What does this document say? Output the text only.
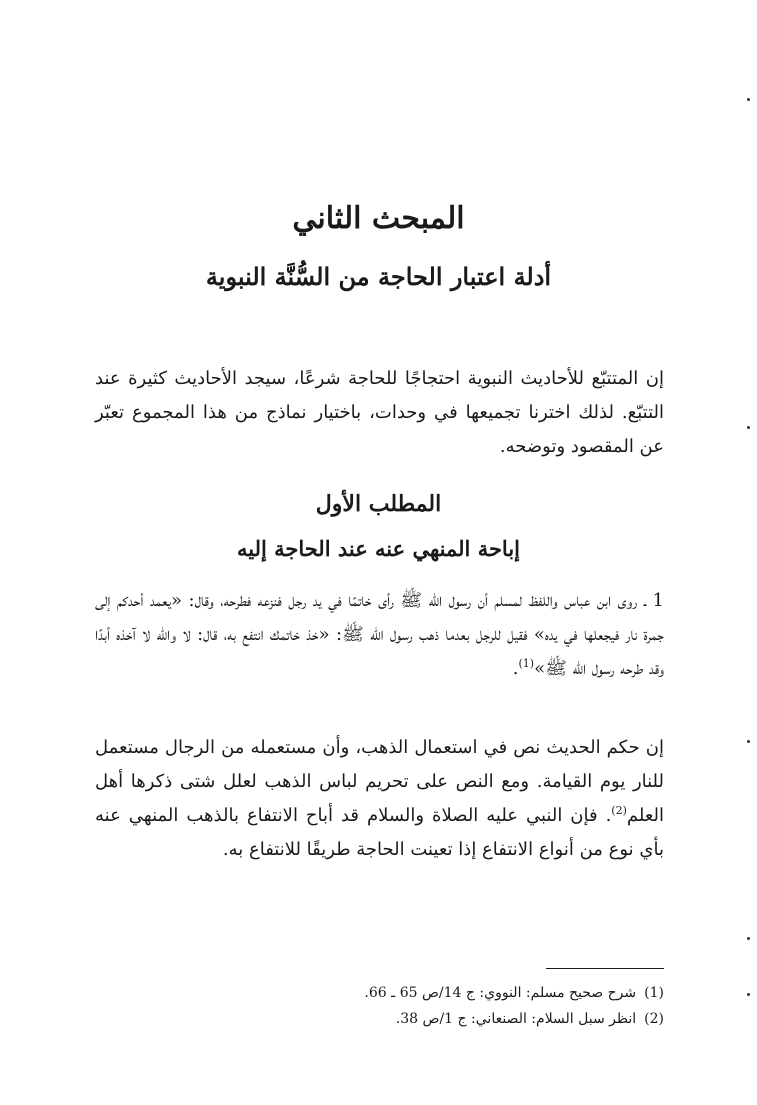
المبحث الثاني
أدلة اعتبار الحاجة من السُّنَّة النبوية

إن المتتبّع للأحاديث النبوية احتجاجًا للحاجة شرعًا، سيجد الأحاديث كثيرة عند التتبّع. لذلك اخترنا تجميعها في وحدات، باختيار نماذج من هذا المجموع تعبّر عن المقصود وتوضحه.

المطلب الأول
إباحة المنهي عنه عند الحاجة إليه

1 ـ روى ابن عباس واللفظ لمسلم أن رسول الله ﷺ رأى خاتمًا في يد رجل فنزعه فطرحه، وقال: «يعمد أحدكم إلى جمرة نار فيجعلها في يده» فقيل للرجل بعدما ذهب رسول الله ﷺ: «خذ خاتمك انتفع به، قال: لا والله لا آخذه أبدًا وقد طرحه رسول الله ﷺ»$^{(1)}$.

إن حكم الحديث نص في استعمال الذهب، وأن مستعمله من الرجال مستعمل للنار يوم القيامة. ومع النص على تحريم لباس الذهب لعلل شتى ذكرها أهل العلم$^{(2)}$. فإن النبي عليه الصلاة والسلام قد أباح الانتفاع بالذهب المنهي عنه بأي نوع من أنواع الانتفاع إذا تعينت الحاجة طريقًا للانتفاع به.

(1)شرح صحيح مسلم: النووي: ج 14/ص 65 ـ 66.
(2)انظر سبل السلام: الصنعاني: ج 1/ص 38.
